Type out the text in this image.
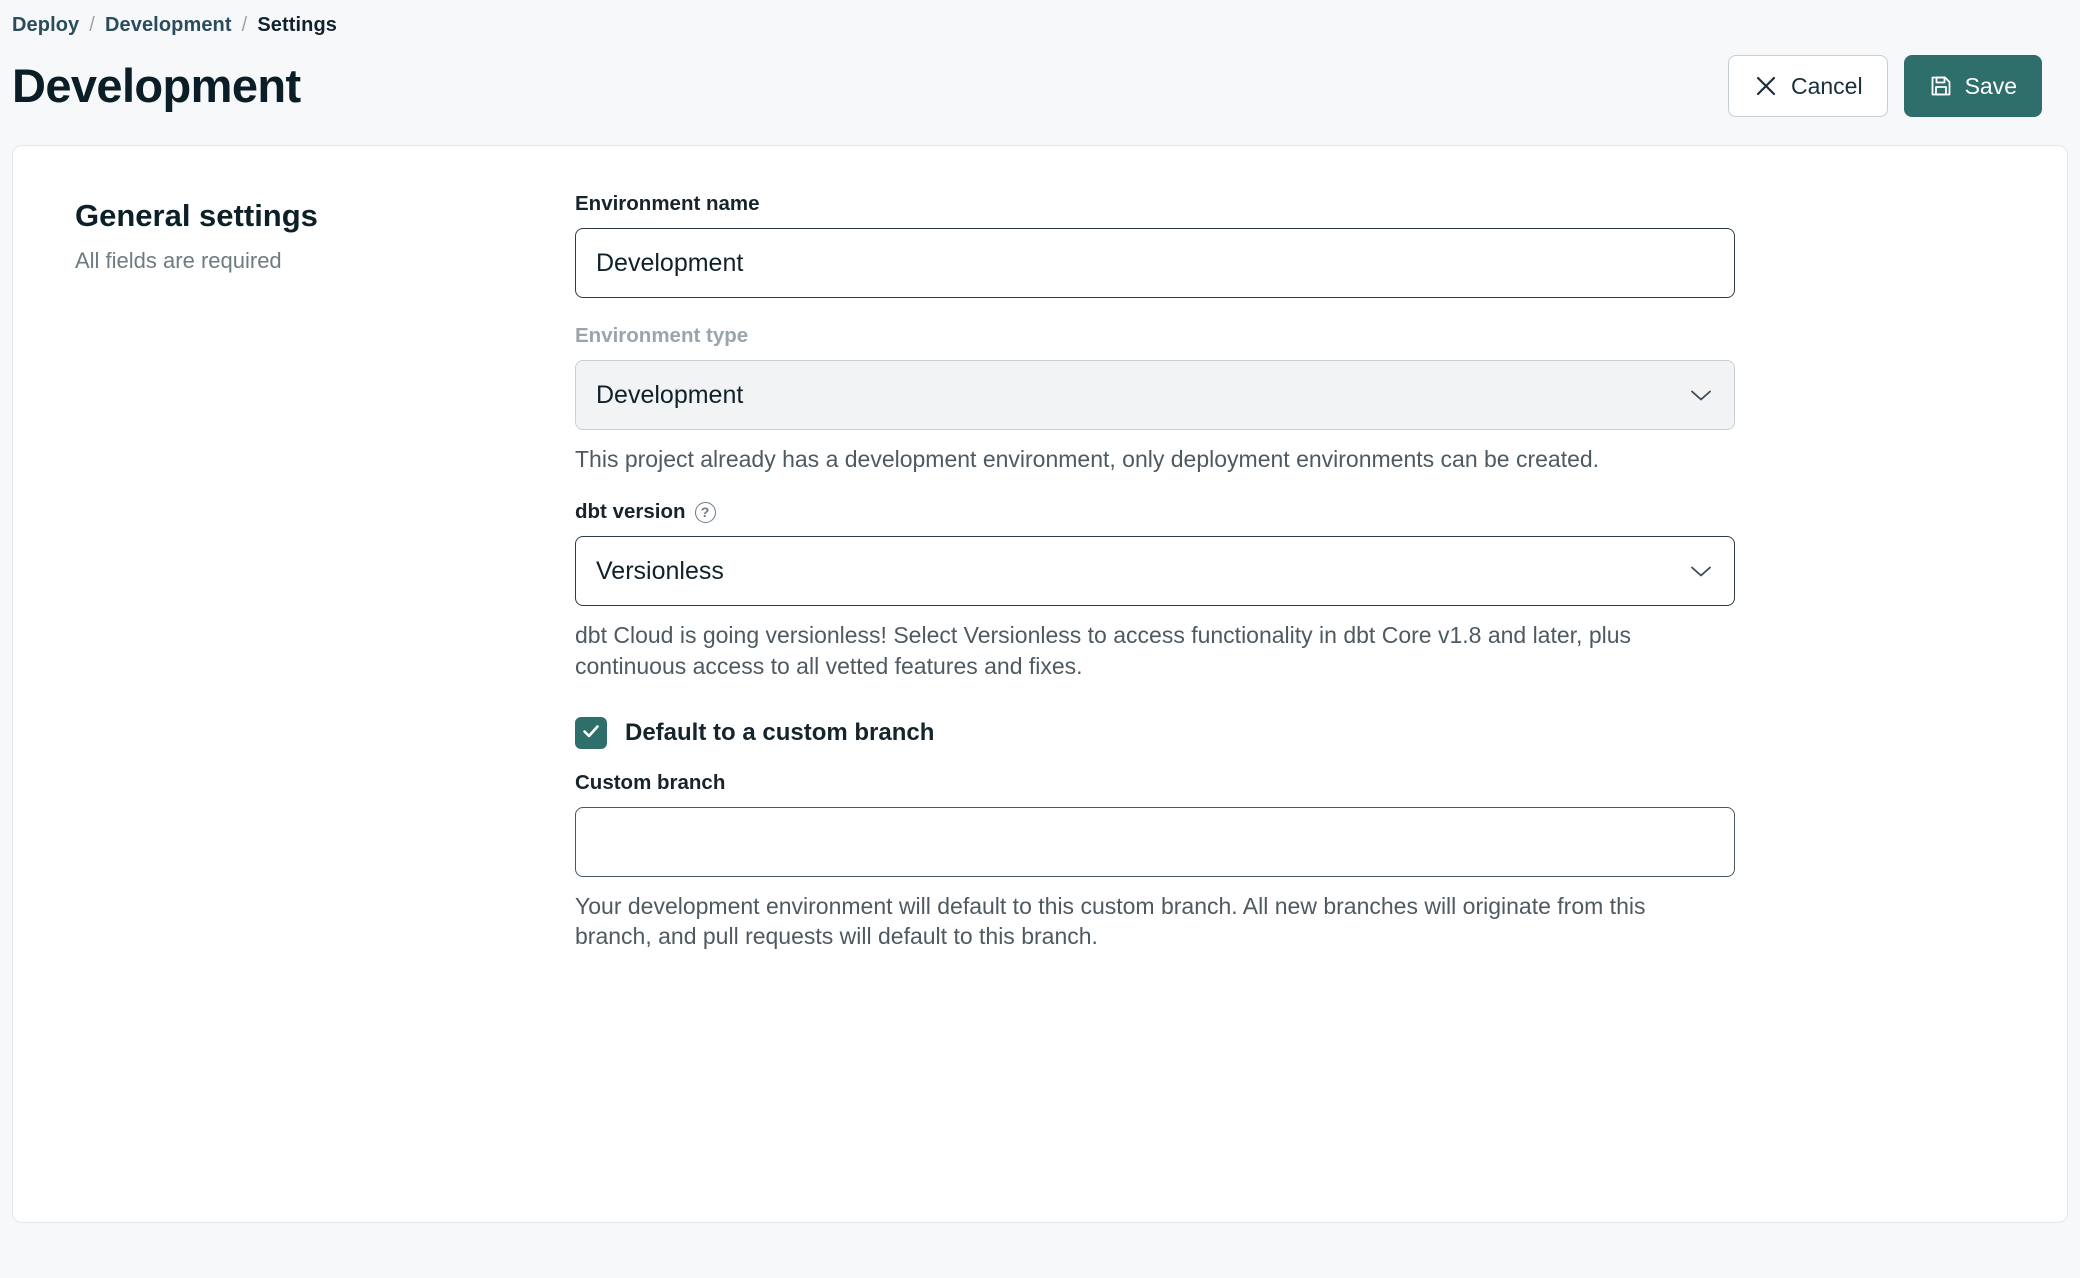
Deploy / Development / Settings
Development	Cancel	Save
General settings

All fields are required

Environment name
Development
Environment type
Development
This project already has a development environment, only deployment environments can be created.
dbt version	?
Versionless
dbt Cloud is going versionless! Select Versionless to access functionality in dbt Core v1.8 and later, plus continuous access to all vetted features and fixes.
Default to a custom branch
Custom branch
Your development environment will default to this custom branch. All new branches will originate from this branch, and pull requests will default to this branch.
